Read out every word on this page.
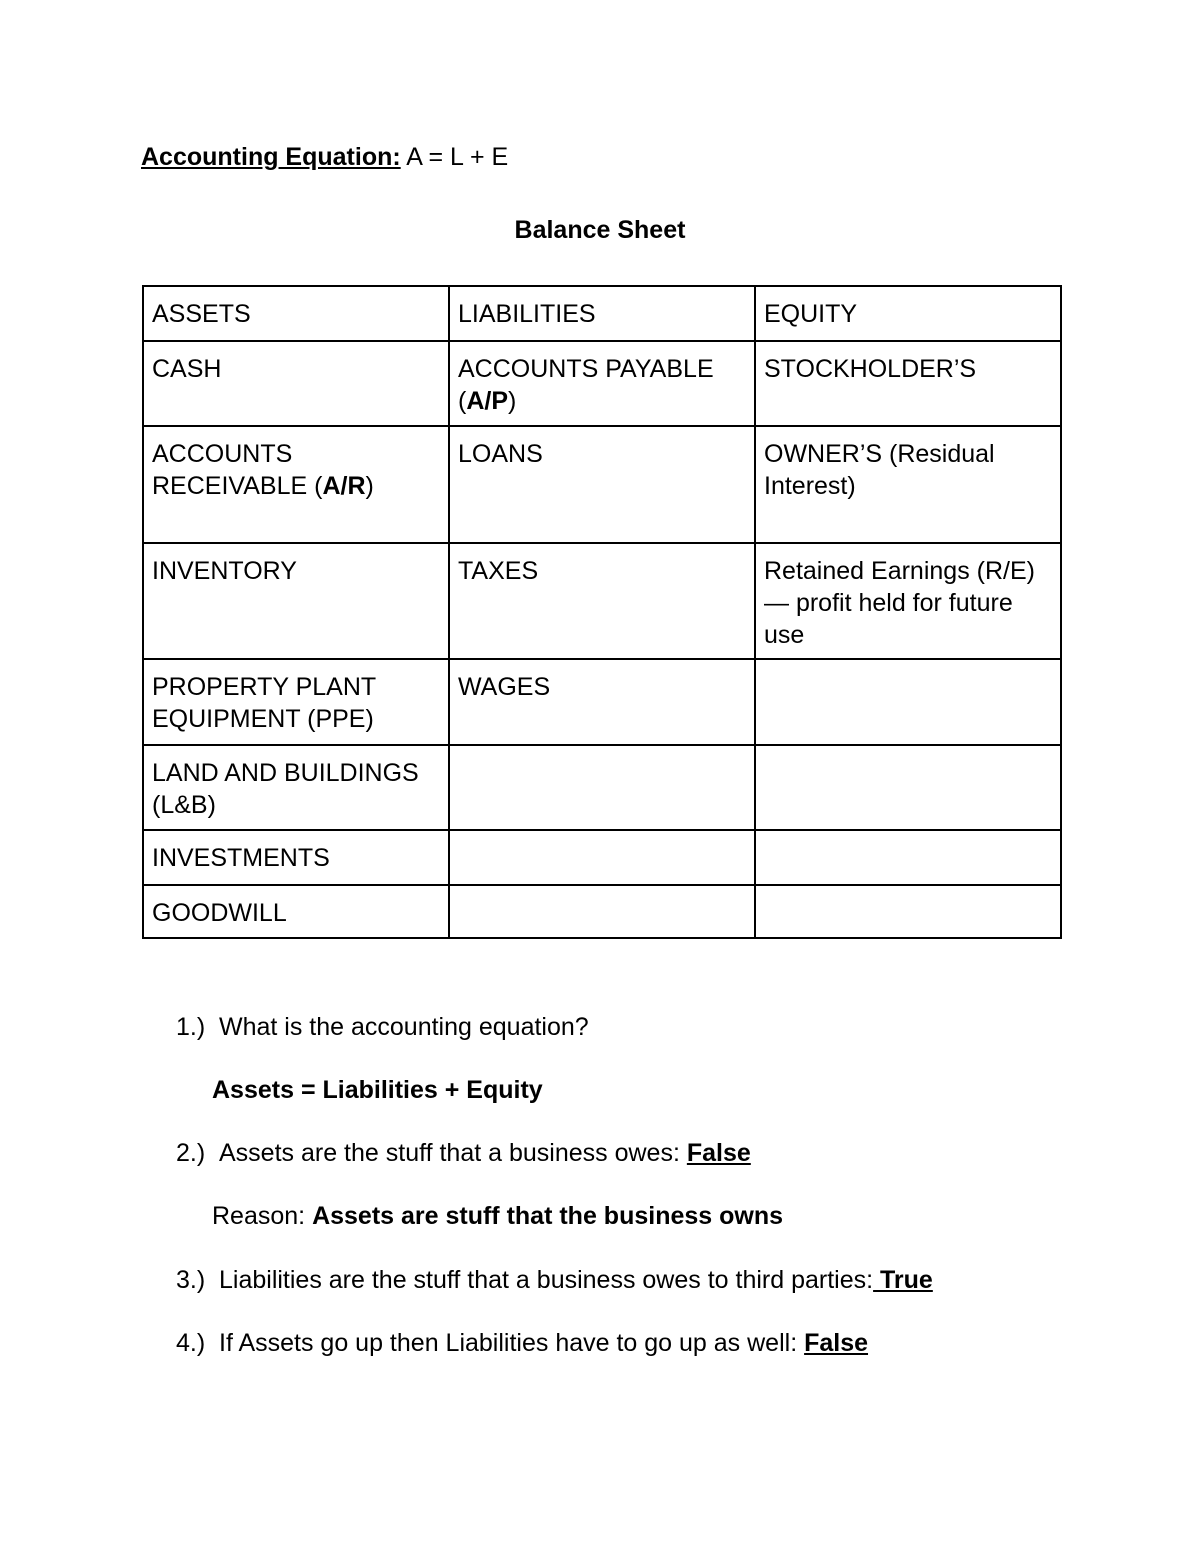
Accounting Equation: A = L + E
Balance Sheet
ASSETS	LIABILITIES	EQUITY
CASH	ACCOUNTS PAYABLE (A/P)	STOCKHOLDER’S
ACCOUNTS RECEIVABLE (A/R)	LOANS	OWNER’S (Residual Interest)
INVENTORY	TAXES	Retained Earnings (R/E) — profit held for future use
PROPERTY PLANT EQUIPMENT (PPE)	WAGES	
LAND AND BUILDINGS (L&B)		
INVESTMENTS		
GOODWILL		
1.) What is the accounting equation?
Assets = Liabilities + Equity
2.) Assets are the stuff that a business owes: False
Reason: Assets are stuff that the business owns
3.) Liabilities are the stuff that a business owes to third parties: True
4.) If Assets go up then Liabilities have to go up as well: False
